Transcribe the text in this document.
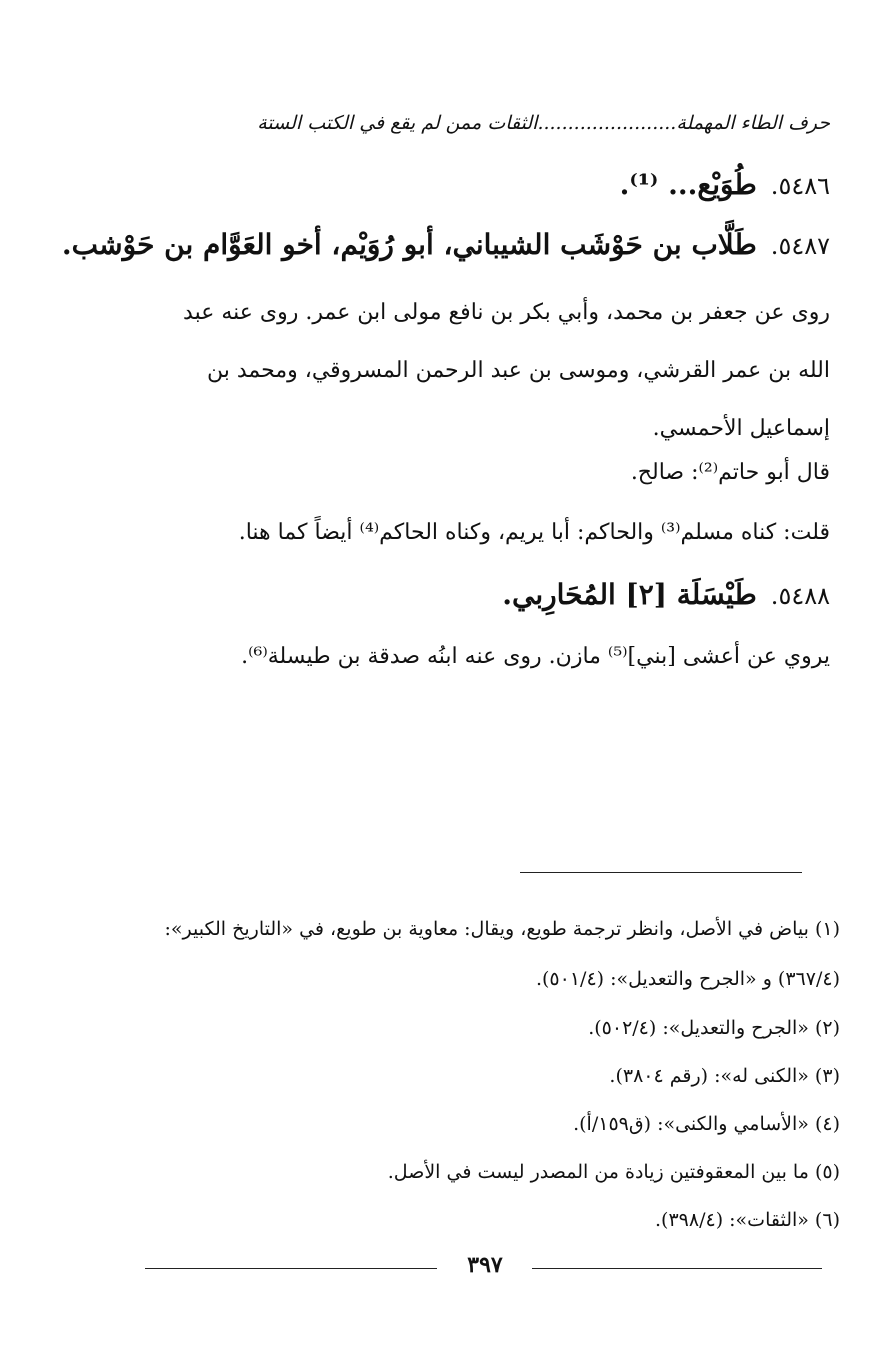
حرف الطاء المهملة.......................الثقات ممن لم يقع في الكتب الستة
٥٤٨٦.طُوَيْع... ⁽¹⁾.
٥٤٨٧.طَلَّاب بن حَوْشَب الشيباني، أبو رُوَيْم، أخو العَوَّام بن حَوْشب.
روى عن جعفر بن محمد، وأبي بكر بن نافع مولى ابن عمر. روى عنه عبد الله بن عمر القرشي، وموسى بن عبد الرحمن المسروقي، ومحمد بن إسماعيل الأحمسي.
قال أبو حاتم⁽²⁾: صالح.
قلت: كناه مسلم⁽³⁾ والحاكم: أبا يريم، وكناه الحاكم⁽⁴⁾ أيضاً كما هنا.
٥٤٨٨.طَيْسَلَة [٢] المُحَارِبي.
يروي عن أعشى [بني]⁽⁵⁾ مازن. روى عنه ابنُه صدقة بن طيسلة⁽⁶⁾.
(١) بياض في الأصل، وانظر ترجمة طويع، ويقال: معاوية بن طويع، في «التاريخ الكبير»: (٣٦٧/٤) و «الجرح والتعديل»: (٥٠١/٤).
(٢) «الجرح والتعديل»: (٥٠٢/٤).
(٣) «الكنى له»: (رقم ٣٨٠٤).
(٤) «الأسامي والكنى»: (ق١٥٩/أ).
(٥) ما بين المعقوفتين زيادة من المصدر ليست في الأصل.
(٦) «الثقات»: (٣٩٨/٤).
٣٩٧
